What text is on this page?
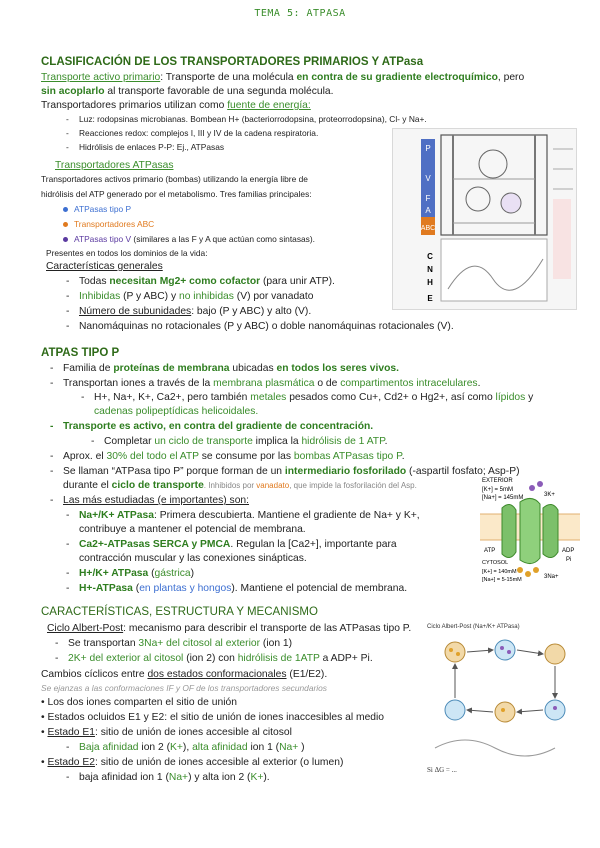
TEMA 5: ATPASA
CLASIFICACIÓN DE LOS TRANSPORTADORES PRIMARIOS Y ATPasa
Transporte activo primario: Transporte de una molécula en contra de su gradiente electroquímico, pero
sin acoplarlo al transporte favorable de una segunda molécula.
Transportadores primarios utilizan como fuente de energía:
Luz: rodopsinas microbianas. Bombean H+ (bacteriorrodopsina, proteorrodopsina), Cl- y Na+.
Reacciones redox: complejos I, III y IV de la cadena respiratoria.
Hidrólisis de enlaces P-P: Ej., ATPasas
Transportadores ATPasas
Transportadores activos primario (bombas) utilizando la energía libre de
hidrólisis del ATP generado por el metabolismo. Tres familias principales:
ATPasas tipo P
Transportadores ABC
ATPasas tipo V (similares a las F y A que actúan como sintasas).
Presentes en todos los dominios de la vida:
Características generales
Todas necesitan Mg2+ como cofactor (para unir ATP).
Inhibidas (P y ABC) y no inhibidas (V) por vanadato
Número de subunidades: bajo (P y ABC) y alto (V).
Nanomáquinas no rotacionales (P y ABC) o doble nanomáquinas rotacionales (V).
P
V
F
A
ABC
C
N
H
E
ATPAS TIPO P
Familia de proteínas de membrana ubicadas en todos los seres vivos.
Transportan iones a través de la membrana plasmática o de compartimentos intracelulares.
H+, Na+, K+, Ca2+, pero también metales pesados como Cu+, Cd2+ o Hg2+, así como lípidos y
cadenas polipeptídicas helicoidales.
Transporte es activo, en contra del gradiente de concentración.
Completar un ciclo de transporte implica la hidrólisis de 1 ATP.
Aprox. el 30% del todo el ATP se consume por las bombas ATPasas tipo P.
Se llaman “ATPasa tipo P” porque forman de un intermediario fosforilado (-aspartil fosfato; Asp-P)
durante el ciclo de transporte. Inhibidos por vanadato, que impide la fosforilación del Asp.
Las más estudiadas (e importantes) son:
Na+/K+ ATPasa: Primera descubierta. Mantiene el gradiente de Na+ y K+,
contribuye a mantener el potencial de membrana.
Ca2+-ATPasas SERCA y PMCA. Regulan la [Ca2+], importante para
contracción muscular y las conexiones sinápticas.
H+/K+ ATPasa (gástrica)
H+-ATPasa (en plantas y hongos). Mantiene el potencial de membrana.
EXTERIOR
[K+] = 5mM
[Na+] = 145mM	3K+
ATP	ADP
Pi
CYTOSOL
[K+] = 140mM
[Na+] = 5-15mM	3Na+
CARACTERÍSTICAS, ESTRUCTURA Y MECANISMO
Ciclo Albert-Post: mecanismo para describir el transporte de las ATPasas tipo P.
Se transportan 3Na+ del citosol al exterior (ion 1)
2K+ del exterior al citosol (ion 2) con hidrólisis de 1ATP a ADP+ Pi.
Cambios cíclicos entre dos estados conformacionales (E1/E2).
Se ejanzas a las conformaciones IF y OF de los transportadores secundarios
• Los dos iones comparten el sitio de unión
• Estados ocluidos E1 y E2: el sitio de unión de iones inaccesibles al medio
• Estado E1: sitio de unión de iones accesible al citosol
Baja afinidad ion 2 (K+), alta afinidad ion 1 (Na+ )
• Estado E2: sitio de unión de iones accesible al exterior (o lumen)
baja afinidad ion 1 (Na+) y alta ion 2 (K+).
Ciclo Albert-Post (Na+/K+ ATPasa)
Si ΔG = ...
